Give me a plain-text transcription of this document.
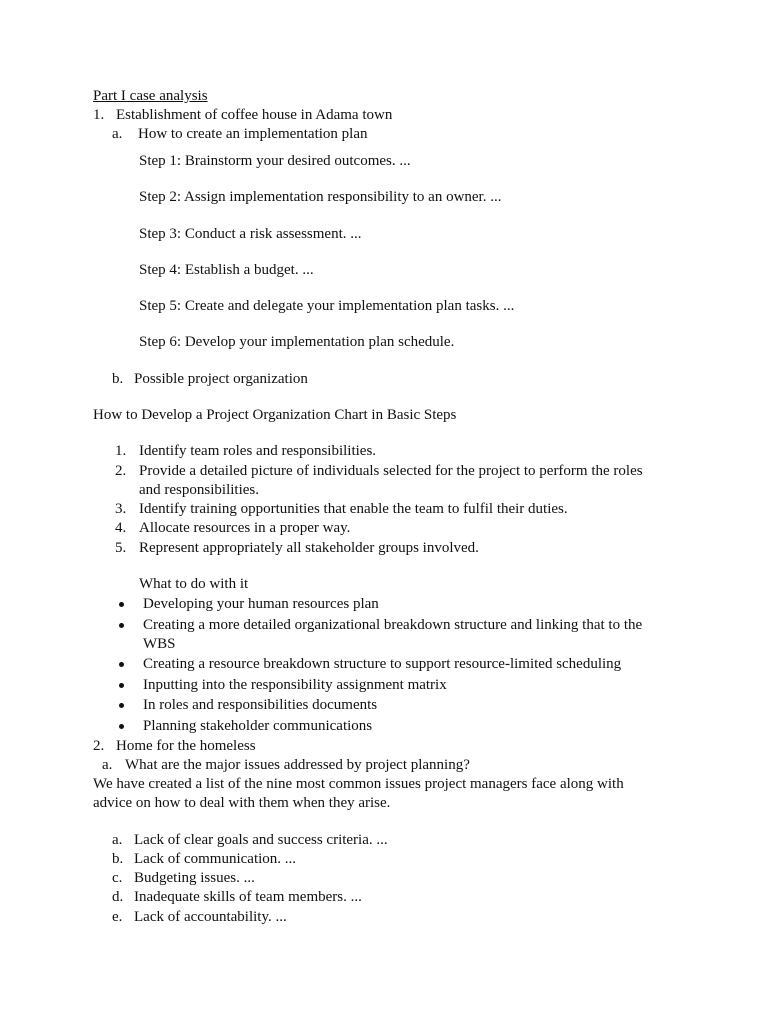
Part I case analysis
1. Establishment of coffee house in Adama town
a. How to create an implementation plan
Step 1: Brainstorm your desired outcomes. ...
Step 2: Assign implementation responsibility to an owner. ...
Step 3: Conduct a risk assessment. ...
Step 4: Establish a budget. ...
Step 5: Create and delegate your implementation plan tasks. ...
Step 6: Develop your implementation plan schedule.
b. Possible project organization
How to Develop a Project Organization Chart in Basic Steps
1. Identify team roles and responsibilities.
2. Provide a detailed picture of individuals selected for the project to perform the roles
and responsibilities.
3. Identify training opportunities that enable the team to fulfil their duties.
4. Allocate resources in a proper way.
5. Represent appropriately all stakeholder groups involved.
What to do with it
Developing your human resources plan
Creating a more detailed organizational breakdown structure and linking that to the
WBS
Creating a resource breakdown structure to support resource-limited scheduling
Inputting into the responsibility assignment matrix
In roles and responsibilities documents
Planning stakeholder communications
2. Home for the homeless
a. What are the major issues addressed by project planning?
We have created a list of the nine most common issues project managers face along with
advice on how to deal with them when they arise.
a. Lack of clear goals and success criteria. ...
b. Lack of communication. ...
c. Budgeting issues. ...
d. Inadequate skills of team members. ...
e. Lack of accountability. ...
